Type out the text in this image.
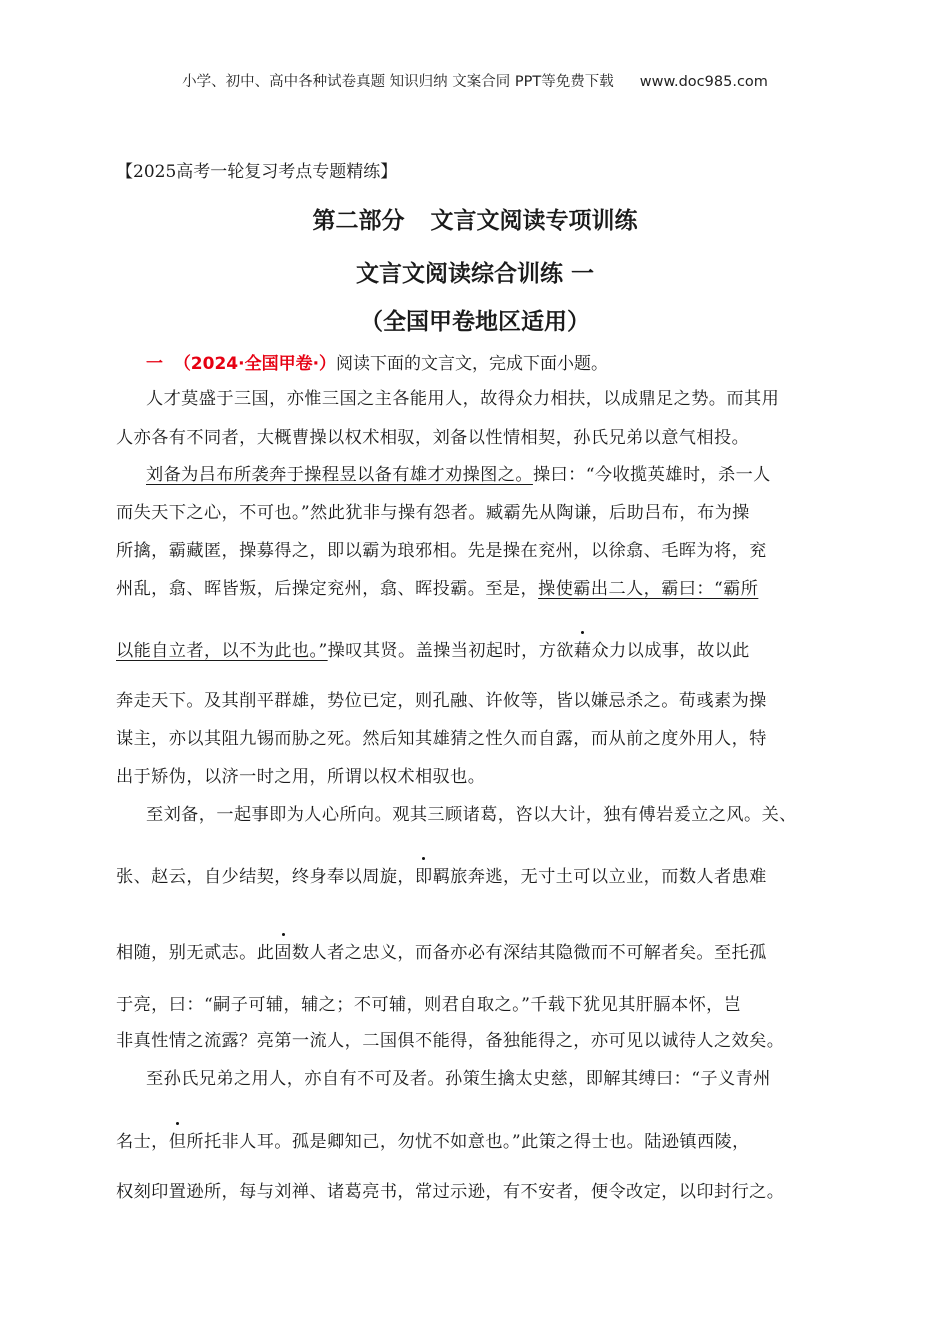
小学、初中、高中各种试卷真题 知识归纳 文案合同 PPT等免费下载 www.doc985.com
【2025高考一轮复习考点专题精练】
第二部分 文言文阅读专项训练
文言文阅读综合训练 一
（全国甲卷地区适用）
一 （2024·全国甲卷·）阅读下面的文言文，完成下面小题。

人才莫盛于三国，亦惟三国之主各能用人，故得众力相扶，以成鼎足之势。而其用

人亦各有不同者，大概曹操以权术相驭，刘备以性情相契，孙氏兄弟以意气相投。

刘备为吕布所袭奔于操程昱以备有雄才劝操图之。操曰：“今收揽英雄时，杀一人

而失天下之心，不可也。”然此犹非与操有怨者。臧霸先从陶谦，后助吕布，布为操

所擒，霸藏匿，操募得之，即以霸为琅邪相。先是操在兖州，以徐翕、毛晖为将，兖

州乱，翕、晖皆叛，后操定兖州，翕、晖投霸。至是，操使霸出二人，霸曰：“霸所

以能自立者，以不为此也。”操叹其贤。盖操当初起时，方欲藉众力以成事，故以此

奔走天下。及其削平群雄，势位已定，则孔融、许攸等，皆以嫌忌杀之。荀彧素为操

谋主，亦以其阻九锡而胁之死。然后知其雄猜之性久而自露，而从前之度外用人，特

出于矫伪，以济一时之用，所谓以权术相驭也。

至刘备，一起事即为人心所向。观其三顾诸葛，咨以大计，独有傅岩爰立之风。关、

张、赵云，自少结契，终身奉以周旋，即羁旅奔逃，无寸土可以立业，而数人者患难

相随，别无贰志。此固数人者之忠义，而备亦必有深结其隐微而不可解者矣。至托孤

于亮，曰：“嗣子可辅，辅之；不可辅，则君自取之。”千载下犹见其肝膈本怀，岂

非真性情之流露？亮第一流人，二国俱不能得，备独能得之，亦可见以诚待人之效矣。

至孙氏兄弟之用人，亦自有不可及者。孙策生擒太史慈，即解其缚曰：“子义青州

名士，但所托非人耳。孤是卿知己，勿忧不如意也。”此策之得士也。陆逊镇西陵，

权刻印置逊所，每与刘禅、诸葛亮书，常过示逊，有不安者，便令改定，以印封行之。
